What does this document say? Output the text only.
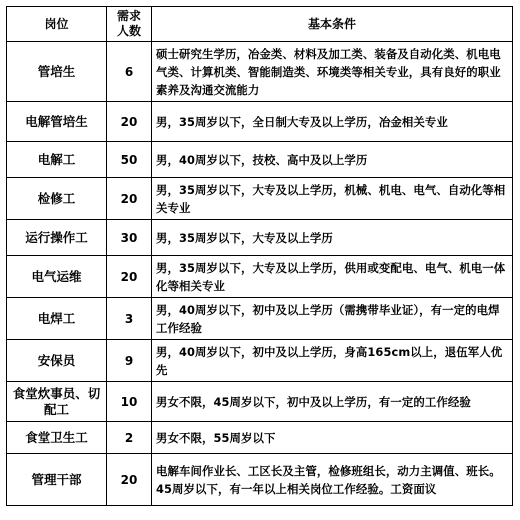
岗位	需求人数	基本条件
管培生	6	硕士研究生学历，冶金类、材料及加工类、装备及自动化类、机电电气类、计算机类、智能制造类、环境类等相关专业，具有良好的职业素养及沟通交流能力
电解管培生	20	男，35周岁以下，全日制大专及以上学历，冶金相关专业
电解工	50	男，40周岁以下，技校、高中及以上学历
检修工	20	男，35周岁以下，大专及以上学历，机械、机电、电气、自动化等相关专业
运行操作工	30	男，35周岁以下，大专及以上学历
电气运维	20	男，35周岁以下，大专及以上学历，供用或变配电、电气、机电一体化等相关专业
电焊工	3	男，40周岁以下，初中及以上学历（需携带毕业证），有一定的电焊工作经验
安保员	9	男，40周岁以下，初中及以上学历，身高165cm以上，退伍军人优先
食堂炊事员、切配工	10	男女不限，45周岁以下，初中及以上学历，有一定的工作经验
食堂卫生工	2	男女不限，55周岁以下
管理干部	20	电解车间作业长、工区长及主管，检修班组长，动力主调值、班长。45周岁以下，有一年以上相关岗位工作经验。工资面议
